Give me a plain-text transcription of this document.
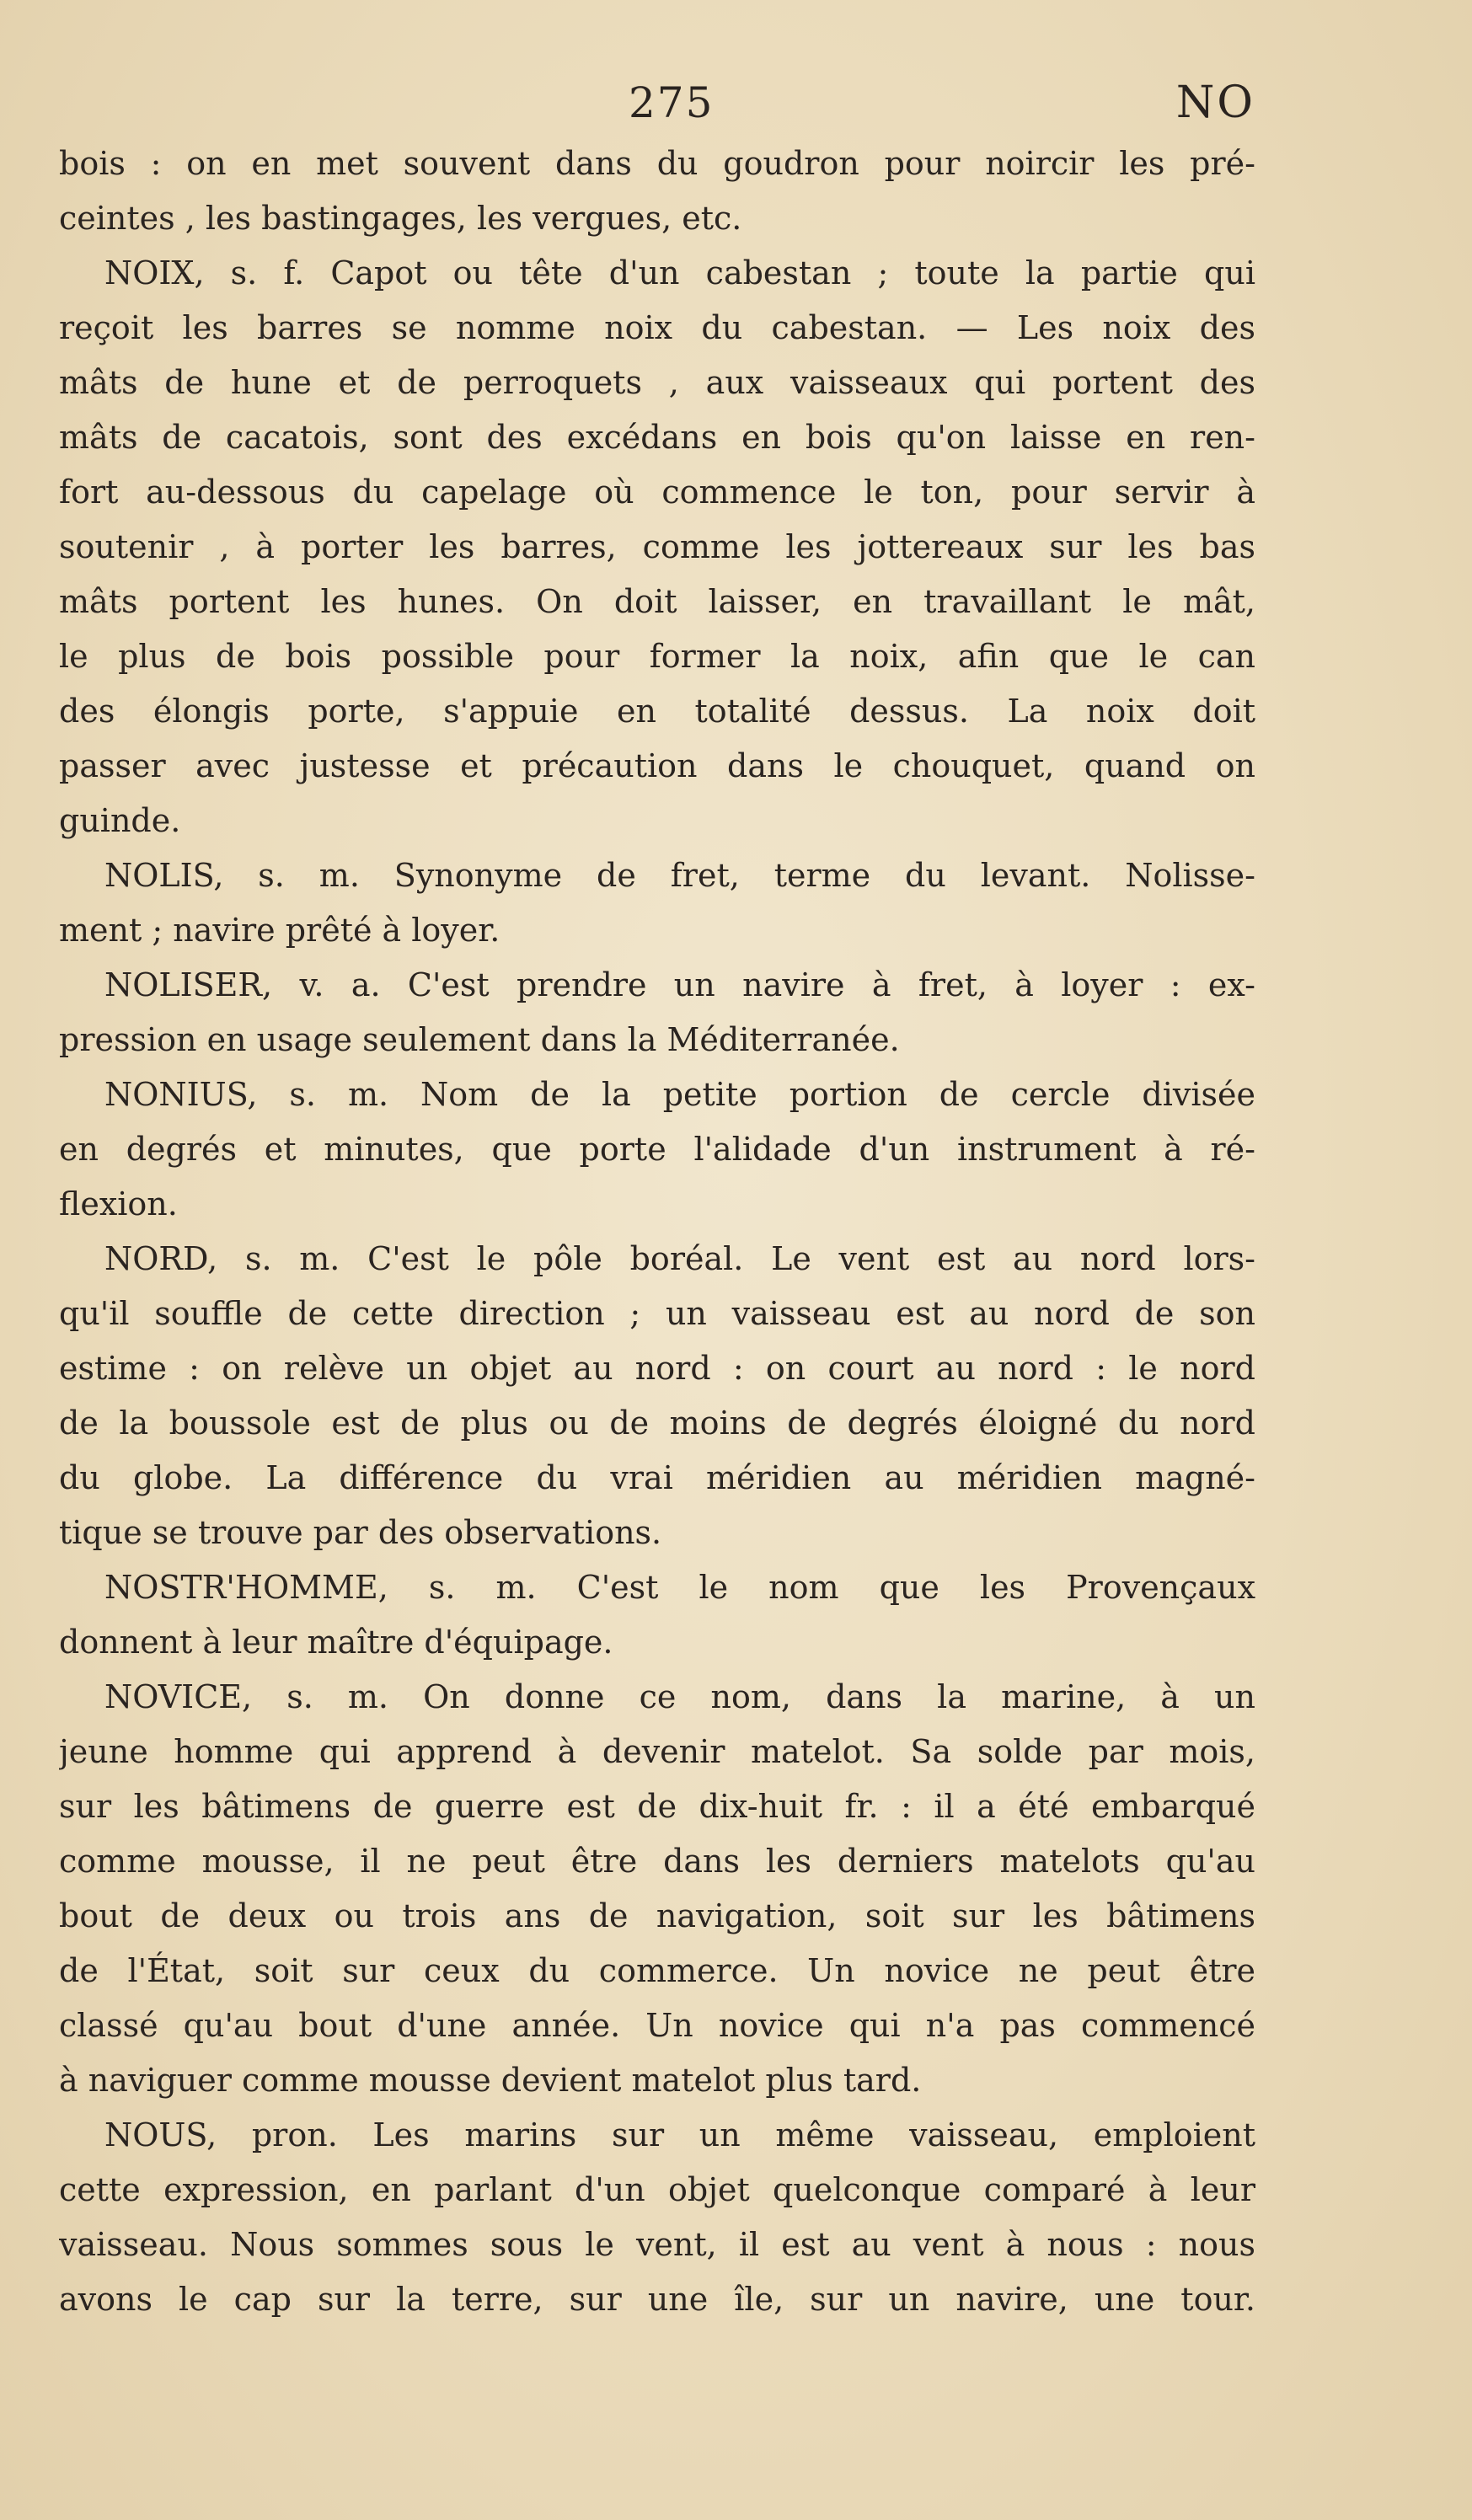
275	NO
bois : on en met souvent dans du goudron pour noircir les pré-
ceintes , les bastingages, les vergues, etc.
NOIX, s. f. Capot ou tête d'un cabestan ; toute la partie qui
reçoit les barres se nomme noix du cabestan. — Les noix des
mâts de hune et de perroquets , aux vaisseaux qui portent des
mâts de cacatois, sont des excédans en bois qu'on laisse en ren-
fort au-dessous du capelage où commence le ton, pour servir à
soutenir , à porter les barres, comme les jottereaux sur les bas
mâts portent les hunes. On doit laisser, en travaillant le mât,
le plus de bois possible pour former la noix, afin que le can
des élongis porte, s'appuie en totalité dessus. La noix doit
passer avec justesse et précaution dans le chouquet, quand on
guinde.
NOLIS, s. m. Synonyme de fret, terme du levant. Nolisse-
ment ; navire prêté à loyer.
NOLISER, v. a. C'est prendre un navire à fret, à loyer : ex-
pression en usage seulement dans la Méditerranée.
NONIUS, s. m. Nom de la petite portion de cercle divisée
en degrés et minutes, que porte l'alidade d'un instrument à ré-
flexion.
NORD, s. m. C'est le pôle boréal. Le vent est au nord lors-
qu'il souffle de cette direction ; un vaisseau est au nord de son
estime : on relève un objet au nord : on court au nord : le nord
de la boussole est de plus ou de moins de degrés éloigné du nord
du globe. La différence du vrai méridien au méridien magné-
tique se trouve par des observations.
NOSTR'HOMME, s. m. C'est le nom que les Provençaux
donnent à leur maître d'équipage.
NOVICE, s. m. On donne ce nom, dans la marine, à un
jeune homme qui apprend à devenir matelot. Sa solde par mois,
sur les bâtimens de guerre est de dix-huit fr. : il a été embarqué
comme mousse, il ne peut être dans les derniers matelots qu'au
bout de deux ou trois ans de navigation, soit sur les bâtimens
de l'État, soit sur ceux du commerce. Un novice ne peut être
classé qu'au bout d'une année. Un novice qui n'a pas commencé
à naviguer comme mousse devient matelot plus tard.
NOUS, pron. Les marins sur un même vaisseau, emploient
cette expression, en parlant d'un objet quelconque comparé à leur
vaisseau. Nous sommes sous le vent, il est au vent à nous : nous
avons le cap sur la terre, sur une île, sur un navire, une tour.
